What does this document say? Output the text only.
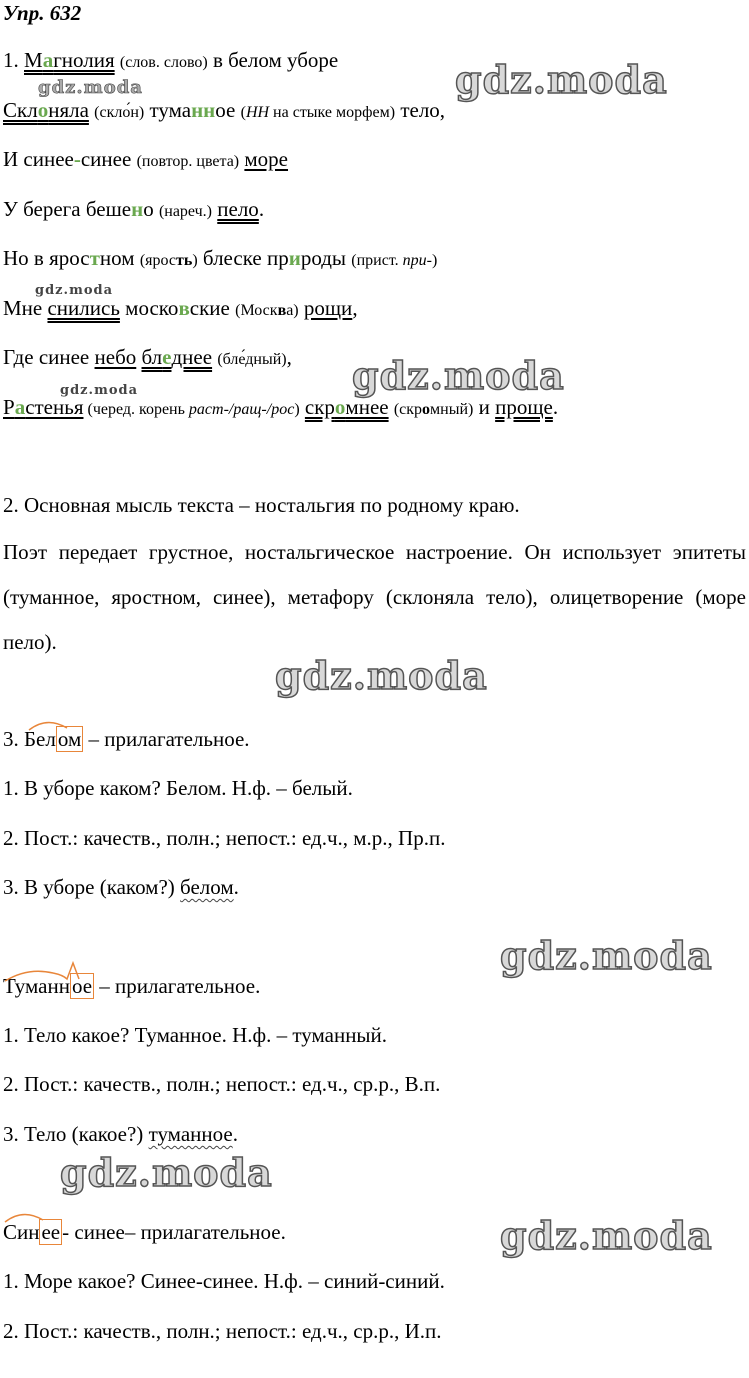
Упр. 632
1. Магнолия (слов. слово) в белом уборе
Склоняла (скло́н) туманное (НН на стыке морфем) тело,
И синее-синее (повтор. цвета) море
У берега бешено (нареч.) пело.
Но в яростном (ярость) блеске природы (прист. при-)
Мне снились московские (Москва) рощи,
Где синее небо бледнее (бле́дный),
Растенья (черед. корень раст-/ращ-/рос) скромнее (скромный) и проще.
2. Основная мысль текста – ностальгия по родному краю.
Поэт передает грустное, ностальгическое настроение. Он использует эпитеты (туманное, яростном, синее), метафору (склоняла тело), олицетворение (море пело).
3. Белом – прилагательное.
1. В уборе каком? Белом. Н.ф. – белый.
2. Пост.: качеств., полн.; непост.: ед.ч., м.р., Пр.п.
3. В уборе (каком?) белом.
Туманное – прилагательное.
1. Тело какое? Туманное. Н.ф. – туманный.
2. Пост.: качеств., полн.; непост.: ед.ч., ср.р., В.п.
3. Тело (какое?) туманное.
Синее- синее– прилагательное.
1. Море какое? Синее-синее. Н.ф. – синий-синий.
2. Пост.: качеств., полн.; непост.: ед.ч., ср.р., И.п.
gdz.moda
gdz.moda
gdz.moda
gdz.moda
gdz.moda
gdz.moda
gdz.moda
gdz.moda
gdz.moda
